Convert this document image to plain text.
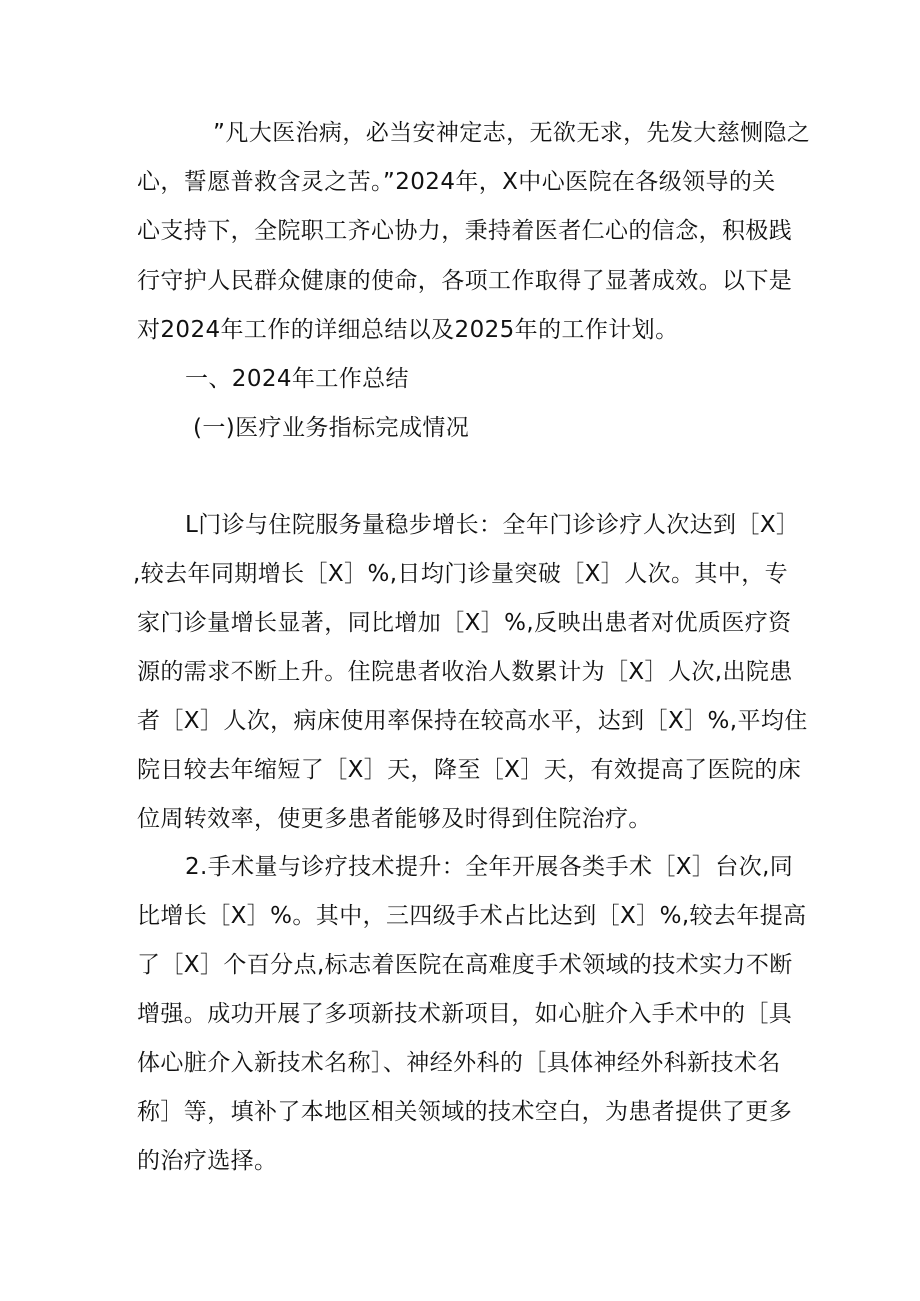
”凡大医治病，必当安神定志，无欲无求，先发大慈恻隐之
心，誓愿普救含灵之苦。”2024年，X中心医院在各级领导的关
心支持下，全院职工齐心协力，秉持着医者仁心的信念，积极践
行守护人民群众健康的使命，各项工作取得了显著成效。以下是
对2024年工作的详细总结以及2025年的工作计划。
一、2024年工作总结
(一)医疗业务指标完成情况
L门诊与住院服务量稳步增长：全年门诊诊疗人次达到［X］
,较去年同期增长［X］%,日均门诊量突破［X］人次。其中，专
家门诊量增长显著，同比增加［X］%,反映出患者对优质医疗资
源的需求不断上升。住院患者收治人数累计为［X］人次,出院患
者［X］人次，病床使用率保持在较高水平，达到［X］%,平均住
院日较去年缩短了［X］天，降至［X］天，有效提高了医院的床
位周转效率，使更多患者能够及时得到住院治疗。
2.手术量与诊疗技术提升：全年开展各类手术［X］台次,同
比增长［X］%。其中，三四级手术占比达到［X］%,较去年提高
了［X］个百分点,标志着医院在高难度手术领域的技术实力不断
增强。成功开展了多项新技术新项目，如心脏介入手术中的［具
体心脏介入新技术名称］、神经外科的［具体神经外科新技术名
称］等，填补了本地区相关领域的技术空白，为患者提供了更多
的治疗选择。
